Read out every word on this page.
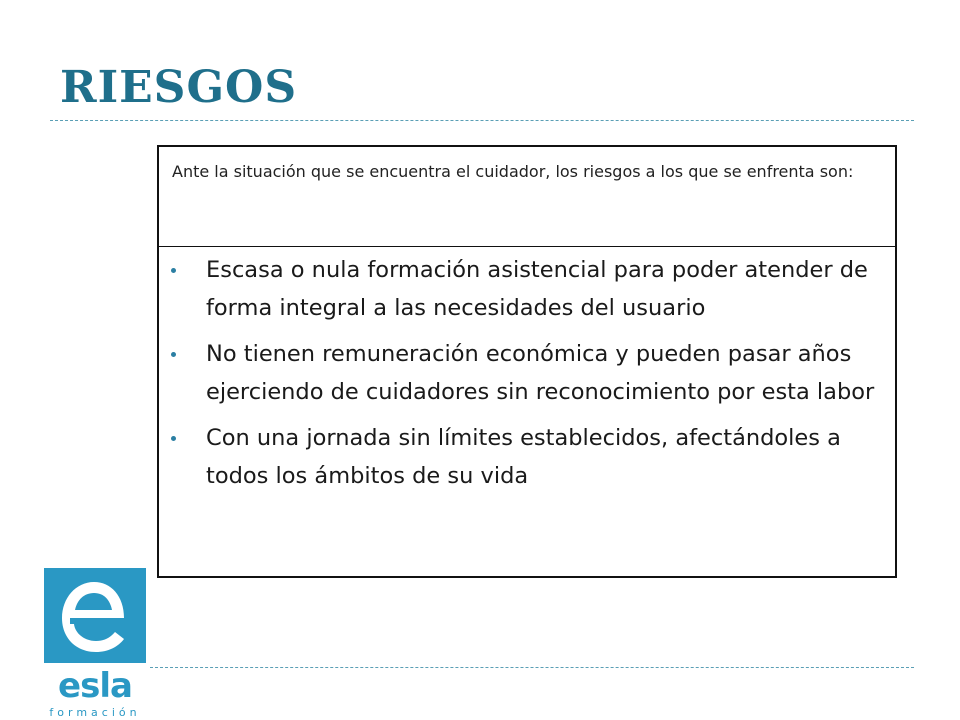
RIESGOS
Ante la situación que se encuentra el cuidador, los riesgos a los que se enfrenta son:
Escasa o nula formación asistencial para poder atender de forma integral a las necesidades del usuario
No tienen remuneración económica y pueden pasar años ejerciendo de cuidadores sin reconocimiento por esta labor
Con una jornada sin límites establecidos, afectándoles a todos los ámbitos de su vida
esla
formación
